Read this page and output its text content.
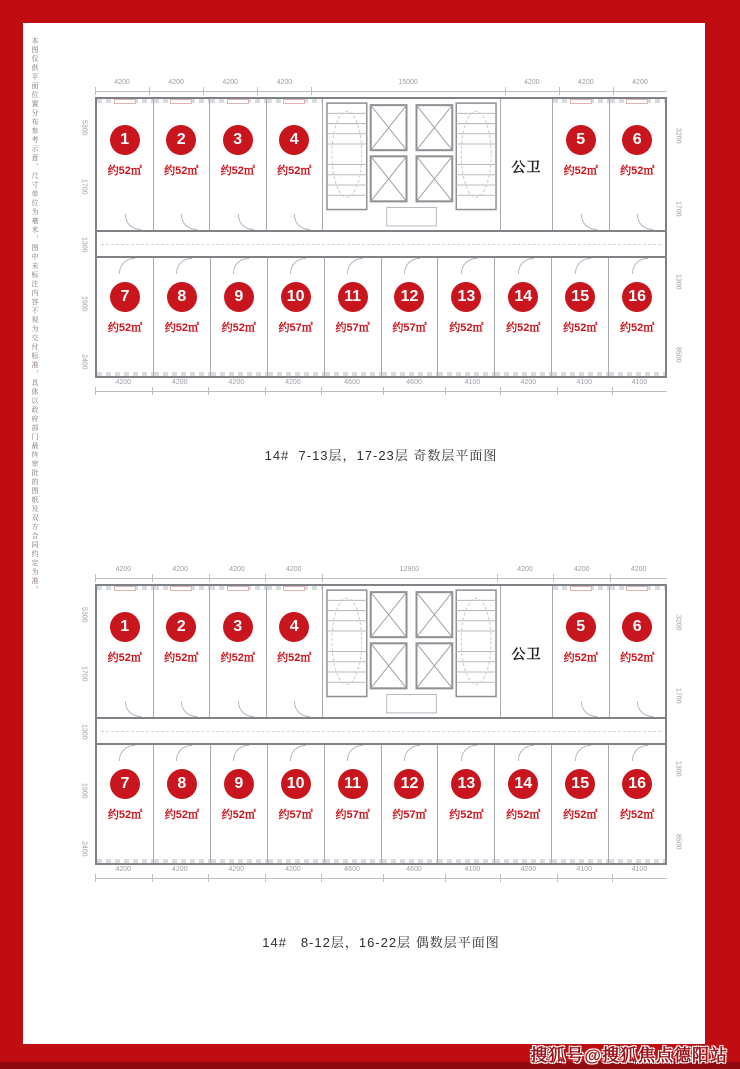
本图仅供平面位置分布参考示意，尺寸单位为毫米，图中未标注内容不视为交付标准，具体以政府部门最终审批的图纸及双方合同约定为准。	4200	4200	4200	4200	15000	4200	4200	4200
1
约52㎡
2
约52㎡
3
约52㎡
4
约52㎡	公卫
5
约52㎡
6
约52㎡
7
约52㎡
8
约52㎡
9
约52㎡
10
约57㎡
11
约57㎡
12
约57㎡
13
约52㎡
14
约52㎡
15
约52㎡
16
约52㎡
4200	4200	4200	4200	4600	4600	4100	4200	4100	4100
5300
1700
1300
1900
2400
3200
1700
1300
8500
14#  7-13层，17-23层 奇数层平面图
4200	4200	4200	4200	12900	4200	4200	4200
1
约52㎡
2
约52㎡
3
约52㎡
4
约52㎡	公卫
5
约52㎡
6
约52㎡
7
约52㎡
8
约52㎡
9
约52㎡
10
约57㎡
11
约57㎡
12
约57㎡
13
约52㎡
14
约52㎡
15
约52㎡
16
约52㎡
4200	4200	4200	4200	4600	4600	4100	4200	4100	4100
5300
1700
1300
1900
2400
3200
1700
1300
8500
14#   8-12层，16-22层 偶数层平面图
搜狐号@搜狐焦点德阳站
